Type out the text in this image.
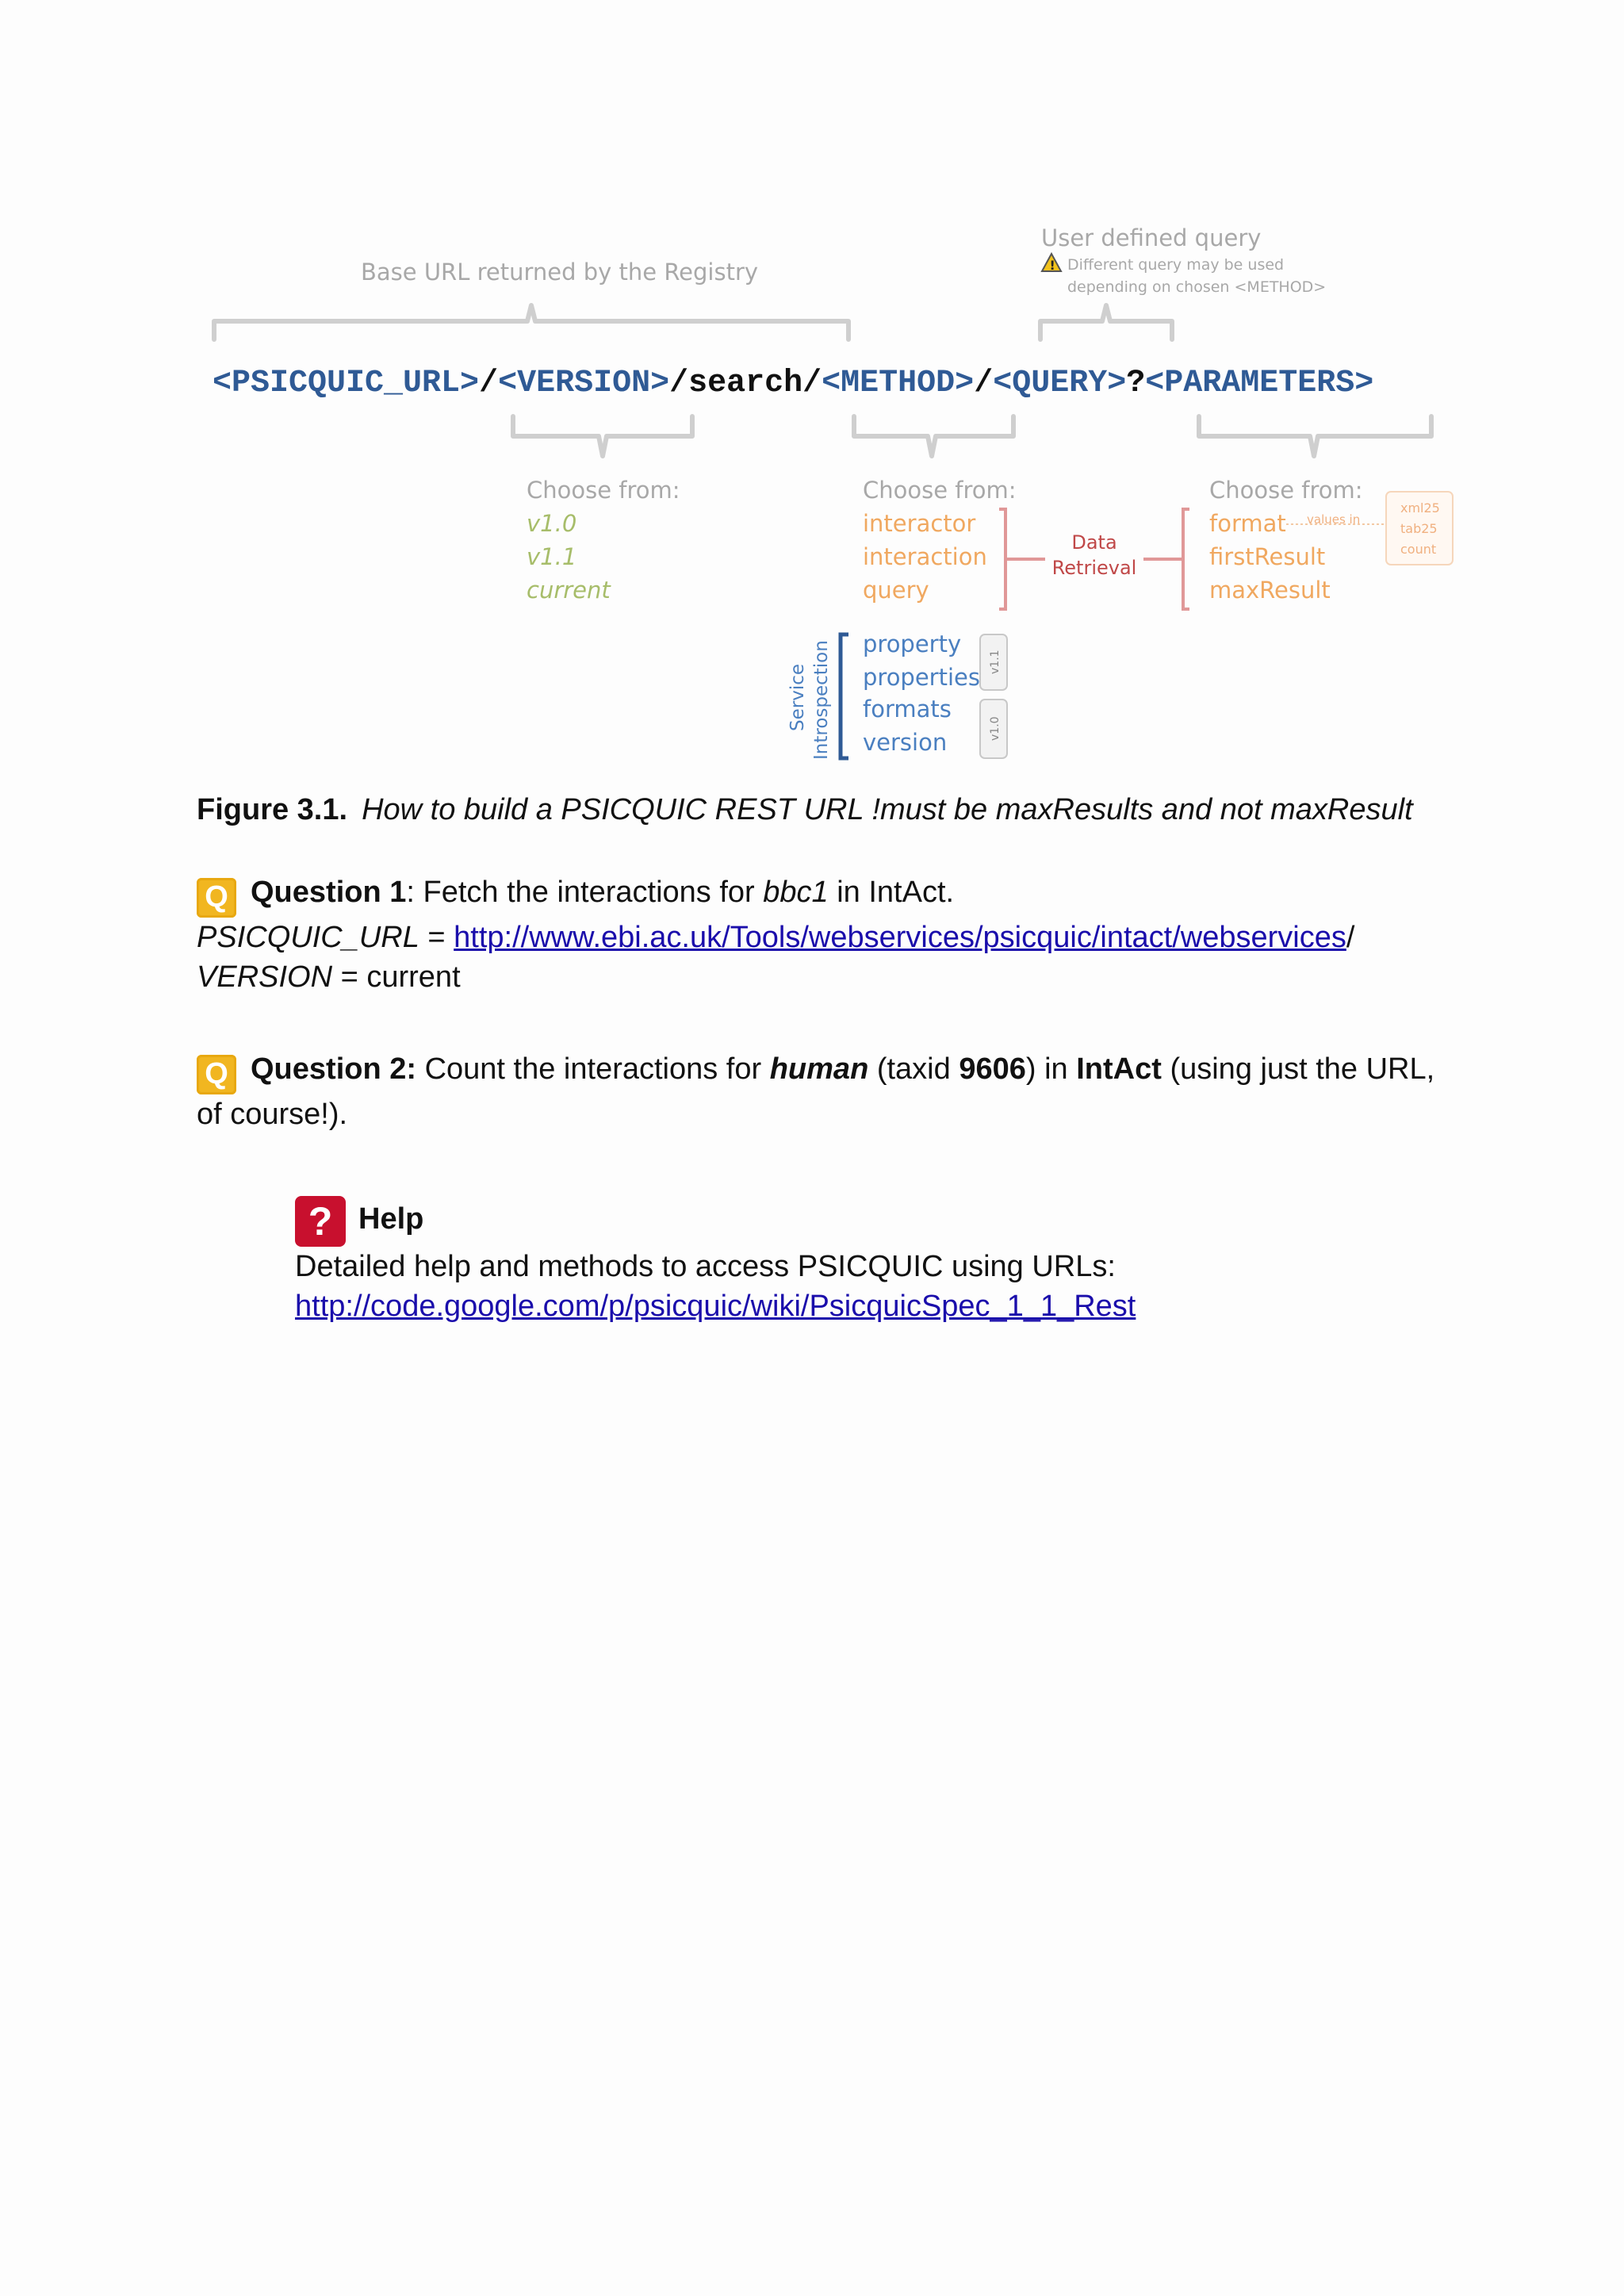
Base URL returned by the Registry
User defined query
! Different query may be used
depending on chosen <METHOD>
<PSICQUIC_URL>/<VERSION>/search/<METHOD>/<QUERY>?<PARAMETERS>
Choose from:
v1.0
v1.1
current
Choose from:
interactor
interaction
query
Data
Retrieval
Choose from:
format
firstResult
maxResult
values in
xml25
tab25
count
Service Introspection property
properties
formats
version
v1.1
v1.0
Figure 3.1. How to build a PSICQUIC REST URL !must be maxResults and not maxResult
Q Question 1: Fetch the interactions for bbc1 in IntAct.
PSICQUIC_URL = http://www.ebi.ac.uk/Tools/webservices/psicquic/intact/webservices/
VERSION = current
Q Question 2: Count the interactions for human (taxid 9606) in IntAct (using just the URL,
of course!).
? Help
Detailed help and methods to access PSICQUIC using URLs:
http://code.google.com/p/psicquic/wiki/PsicquicSpec_1_1_Rest
